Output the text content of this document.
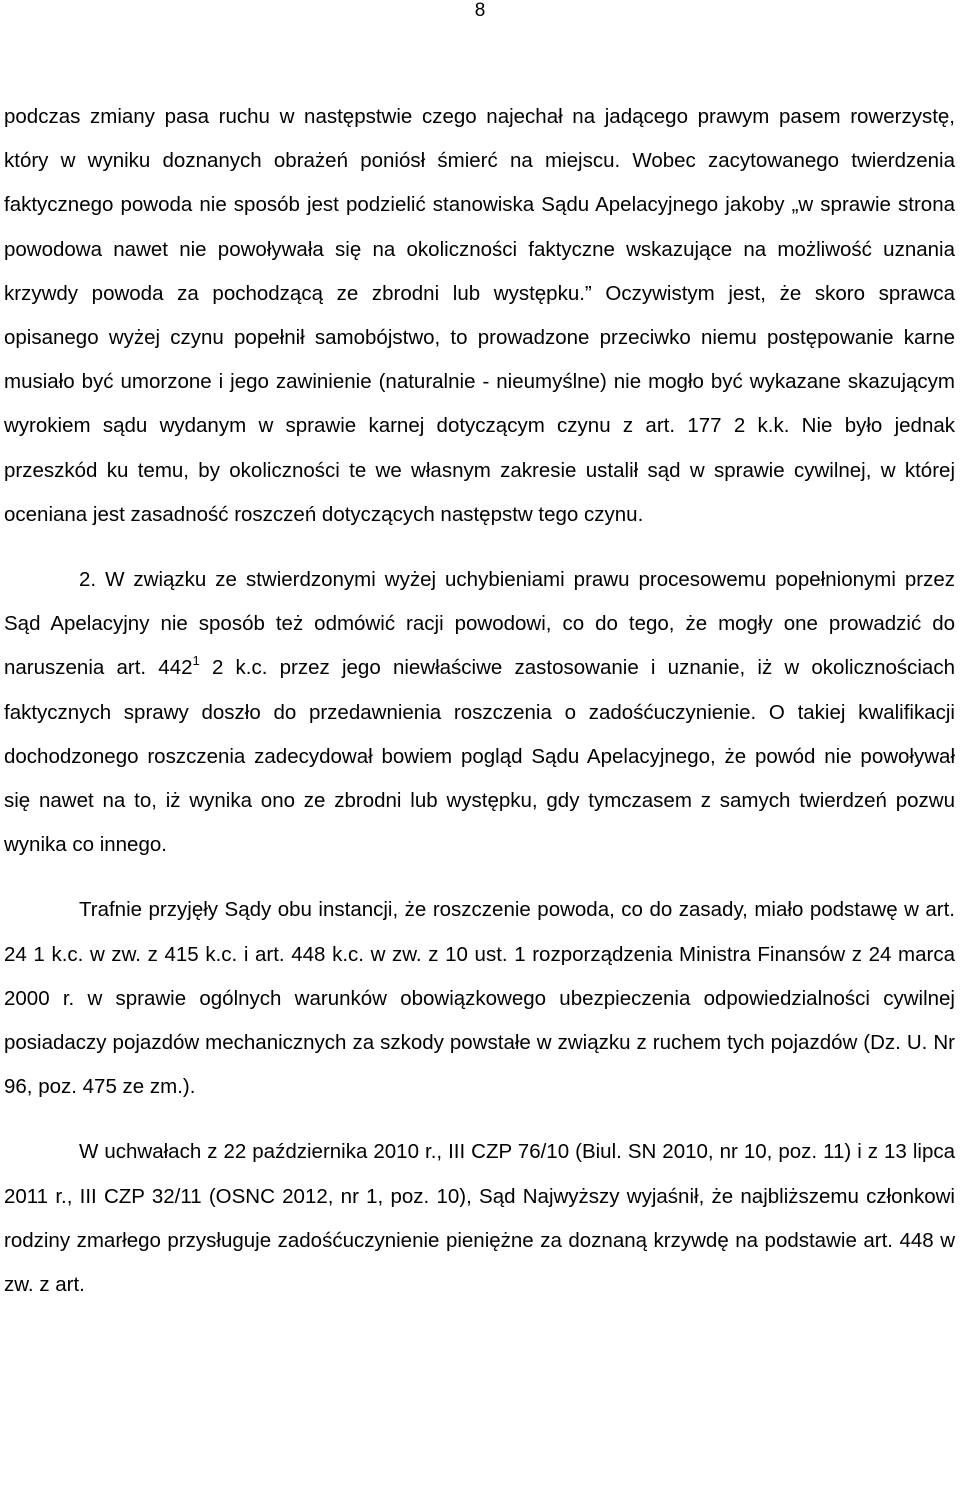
8

podczas zmiany pasa ruchu w następstwie czego najechał na jadącego prawym pasem rowerzystę, który w wyniku doznanych obrażeń poniósł śmierć na miejscu. Wobec zacytowanego twierdzenia faktycznego powoda nie sposób jest podzielić stanowiska Sądu Apelacyjnego jakoby „w sprawie strona powodowa nawet nie powoływała się na okoliczności faktyczne wskazujące na możliwość uznania krzywdy powoda za pochodzącą ze zbrodni lub występku.” Oczywistym jest, że skoro sprawca opisanego wyżej czynu popełnił samobójstwo, to prowadzone przeciwko niemu postępowanie karne musiało być umorzone i jego zawinienie (naturalnie - nieumyślne) nie mogło być wykazane skazującym wyrokiem sądu wydanym w sprawie karnej dotyczącym czynu z art. 177 2 k.k. Nie było jednak przeszkód ku temu, by okoliczności te we własnym zakresie ustalił sąd w sprawie cywilnej, w której oceniana jest zasadność roszczeń dotyczących następstw tego czynu.

2. W związku ze stwierdzonymi wyżej uchybieniami prawu procesowemu popełnionymi przez Sąd Apelacyjny nie sposób też odmówić racji powodowi, co do tego, że mogły one prowadzić do naruszenia art. $442^1$ 2 k.c. przez jego niewłaściwe zastosowanie i uznanie, iż w okolicznościach faktycznych sprawy doszło do przedawnienia roszczenia o zadośćuczynienie. O takiej kwalifikacji dochodzonego roszczenia zadecydował bowiem pogląd Sądu Apelacyjnego, że powód nie powoływał się nawet na to, iż wynika ono ze zbrodni lub występku, gdy tymczasem z samych twierdzeń pozwu wynika co innego.

Trafnie przyjęły Sądy obu instancji, że roszczenie powoda, co do zasady, miało podstawę w art. 24 1 k.c. w zw. z 415 k.c. i art. 448 k.c. w zw. z 10 ust. 1 rozporządzenia Ministra Finansów z 24 marca 2000 r. w sprawie ogólnych warunków obowiązkowego ubezpieczenia odpowiedzialności cywilnej posiadaczy pojazdów mechanicznych za szkody powstałe w związku z ruchem tych pojazdów (Dz. U. Nr 96, poz. 475 ze zm.).

W uchwałach z 22 października 2010 r., III CZP 76/10 (Biul. SN 2010, nr 10, poz. 11) i z 13 lipca 2011 r., III CZP 32/11 (OSNC 2012, nr 1, poz. 10), Sąd Najwyższy wyjaśnił, że najbliższemu członkowi rodziny zmarłego przysługuje zadośćuczynienie pieniężne za doznaną krzywdę na podstawie art. 448 w zw. z art.
